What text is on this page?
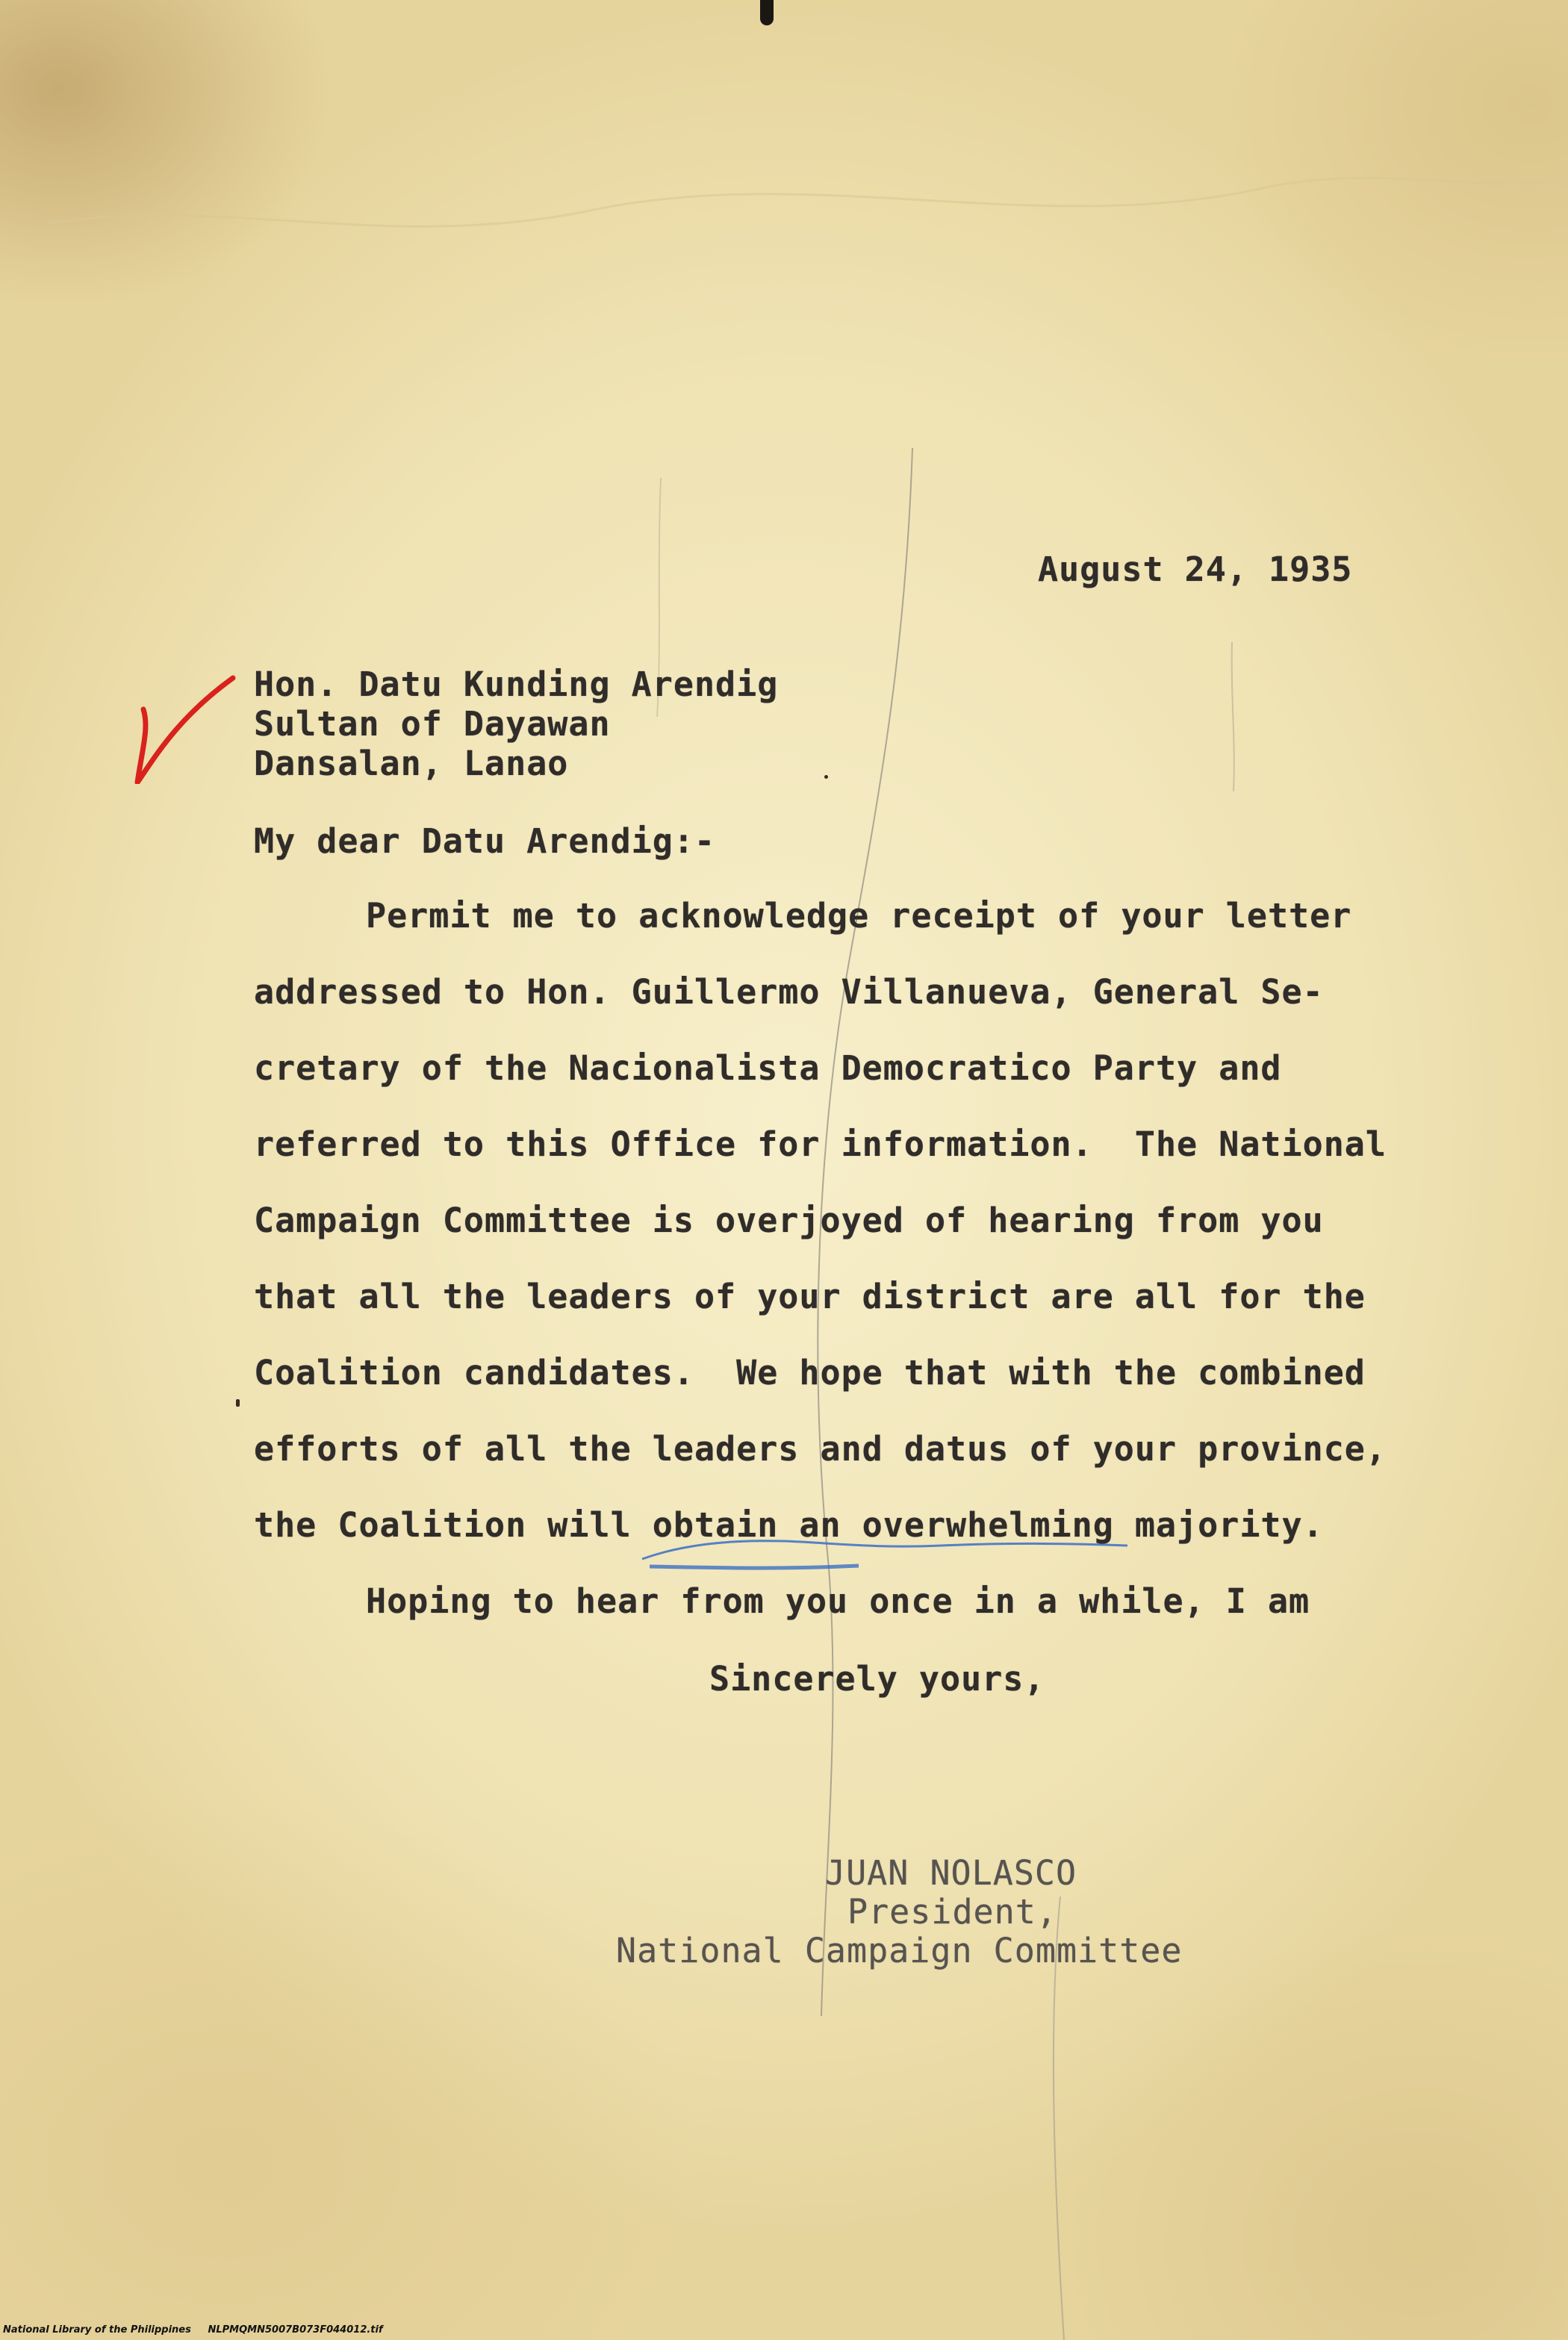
August 24, 1935
Hon. Datu Kunding Arendig
Sultan of Dayawan
Dansalan, Lanao
My dear Datu Arendig:-
Permit me to acknowledge receipt of your letter
addressed to Hon. Guillermo Villanueva, General Se-
cretary of the Nacionalista Democratico Party and
referred to this Office for information.  The National
Campaign Committee is overjoyed of hearing from you
that all the leaders of your district are all for the
Coalition candidates.  We hope that with the combined
efforts of all the leaders and datus of your province,
the Coalition will obtain an overwhelming majority.
Hoping to hear from you once in a while, I am
Sincerely yours,
JUAN NOLASCO
President,
National Campaign Committee
National Library of the Philippines     NLPMQMN5007B073F044012.tif
